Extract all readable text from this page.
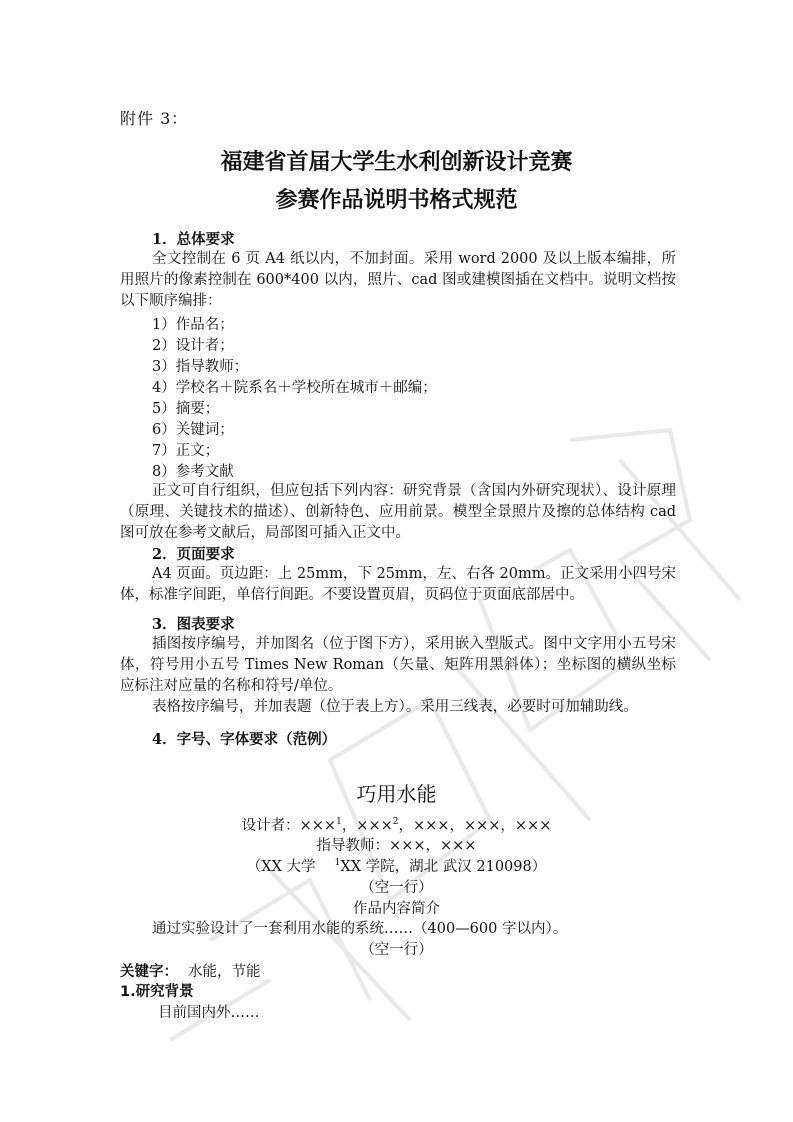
附件 3：
福建省首届大学生水利创新设计竞赛
参赛作品说明书格式规范
1．总体要求
全文控制在 6 页 A4 纸以内，不加封面。采用 word 2000 及以上版本编排，所用照片的像素控制在 600*400 以内，照片、cad 图或建模图插在文档中。说明文档按以下顺序编排：
1）作品名；
2）设计者；
3）指导教师；
4）学校名＋院系名＋学校所在城市＋邮编；
5）摘要；
6）关键词；
7）正文；
8）参考文献
正文可自行组织，但应包括下列内容：研究背景（含国内外研究现状）、设计原理（原理、关键技术的描述）、创新特色、应用前景。模型全景照片及擦的总体结构 cad 图可放在参考文献后，局部图可插入正文中。
2．页面要求
A4 页面。页边距：上 25mm，下 25mm，左、右各 20mm。正文采用小四号宋体，标准字间距，单倍行间距。不要设置页眉，页码位于页面底部居中。
3．图表要求
插图按序编号，并加图名（位于图下方），采用嵌入型版式。图中文字用小五号宋体，符号用小五号 Times New Roman（矢量、矩阵用黑斜体）；坐标图的横纵坐标应标注对应量的名称和符号/单位。
表格按序编号，并加表题（位于表上方）。采用三线表，必要时可加辅助线。
4．字号、字体要求（范例）
巧用水能
设计者：×××$^1$，×××$^2$，×××，×××，×××
指导教师：×××，×××
（XX 大学　 $^1$XX 学院，湖北 武汉 210098）
（空一行）
作品内容简介
通过实验设计了一套利用水能的系统……（400—600 字以内）。
（空一行）
关键字： 水能，节能
1.研究背景
目前国内外……
